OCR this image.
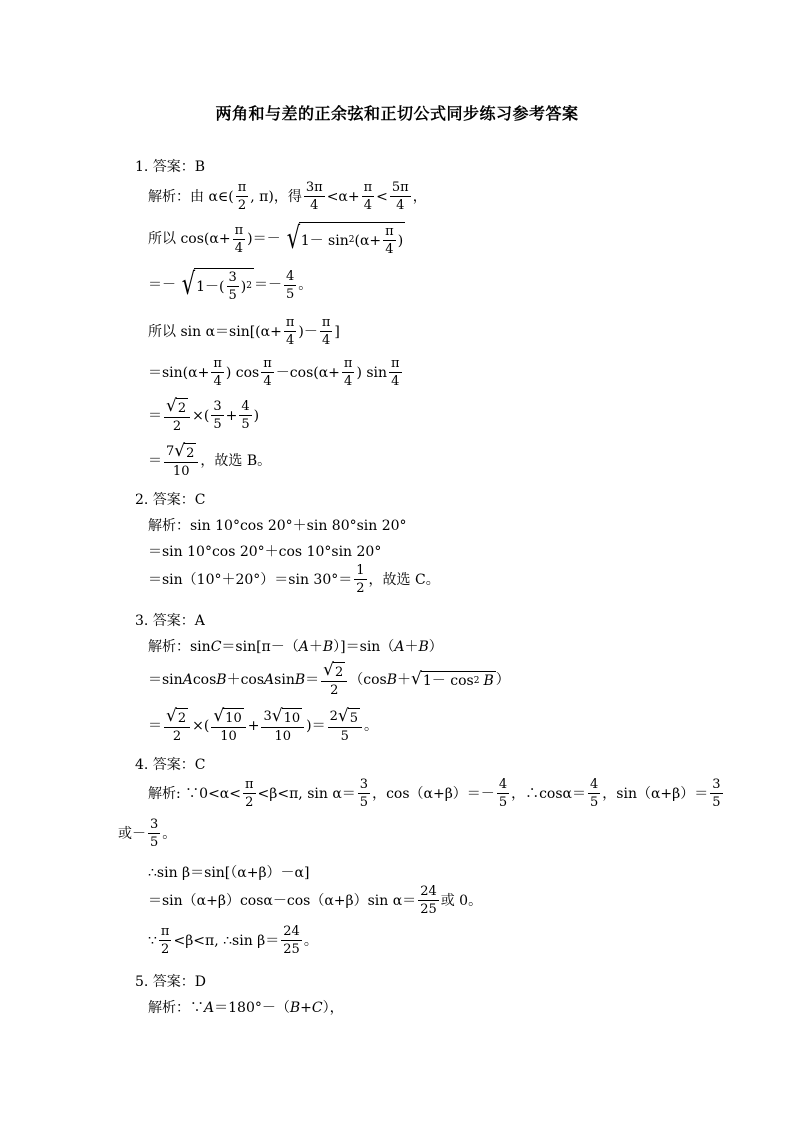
两角和与差的正余弦和正切公式同步练习参考答案
1. 答案：B
解析：由 α∈( $\frac{\pi}{2}$ , π)，得 $\frac{3\pi}{4} <\alpha+ \frac{\pi}{4} < \frac{5\pi}{4}$ ，
所以 $\cos(\alpha+ \frac{\pi}{4}$ )＝－ √ 1－ sin 2 ($\alpha+ \frac{\pi}{4}$ )
＝－ √ $1-( \frac{3}{5}$ ) $2 =- \frac{4}{5}$ 。
所以 $\sin \alpha=\sin[(\alpha+ \frac{\pi}{4}$ )－ $\frac{\pi}{4}$ ]
$=\sin(\alpha+ \frac{\pi}{4}$ ) $\cos \frac{\pi}{4} -\cos(\alpha+ \frac{\pi}{4}$ ) $\sin \frac{\pi}{4}$
＝ $\frac{√ 2}{2}$ ×( $\frac{3}{5} + \frac{4}{5}$ )
＝ $\frac{7 √ 2}{10}$ ，故选 B。
2. 答案：C
解析：sin 10°cos 20°＋sin 80°sin 20°
＝sin 10°cos 20°＋cos 10°sin 20°
＝sin（10°＋20°）＝sin $30^\circ= \frac{1}{2}$ ，故选 C。
3. 答案：A
解析：sin C ＝sin[π－（ A ＋ B ）]＝sin（ A ＋ B ）
＝sin A cos B ＋cos A $\sin B = \frac{√ 2}{2} (\cos$ B ＋ √ 1－ cos 2 B ）
＝ $\frac{√ 2}{2}$ ×( $\frac{√ 10}{10} + \frac{3 √ 10}{10}$ )＝ $\frac{2 √ 5}{5}$ 。
4. 答案：C
解析: ∵0<α< $\frac{\pi}{2} <\beta<\pi$, $\sin \alpha= \frac{3}{5}$ ，$\cos(\alpha+\beta)=- \frac{4}{5}$ ，∴cosα＝ $\frac{4}{5}$ ，$\sin(\alpha+\beta)= \frac{3}{5}$
或－ $\frac{3}{5}$ 。
∴sin β＝sin[（α+β）－α]
＝sin（α+β）cosα－cos（α+β）sin $\alpha= \frac{24}{25}$ 或 0。
∵ $\frac{\pi}{2} <\beta<\pi$, ∴sin $\beta= \frac{24}{25}$ 。
5. 答案：D
解析：∵ A ＝180°－（ B + C ），
